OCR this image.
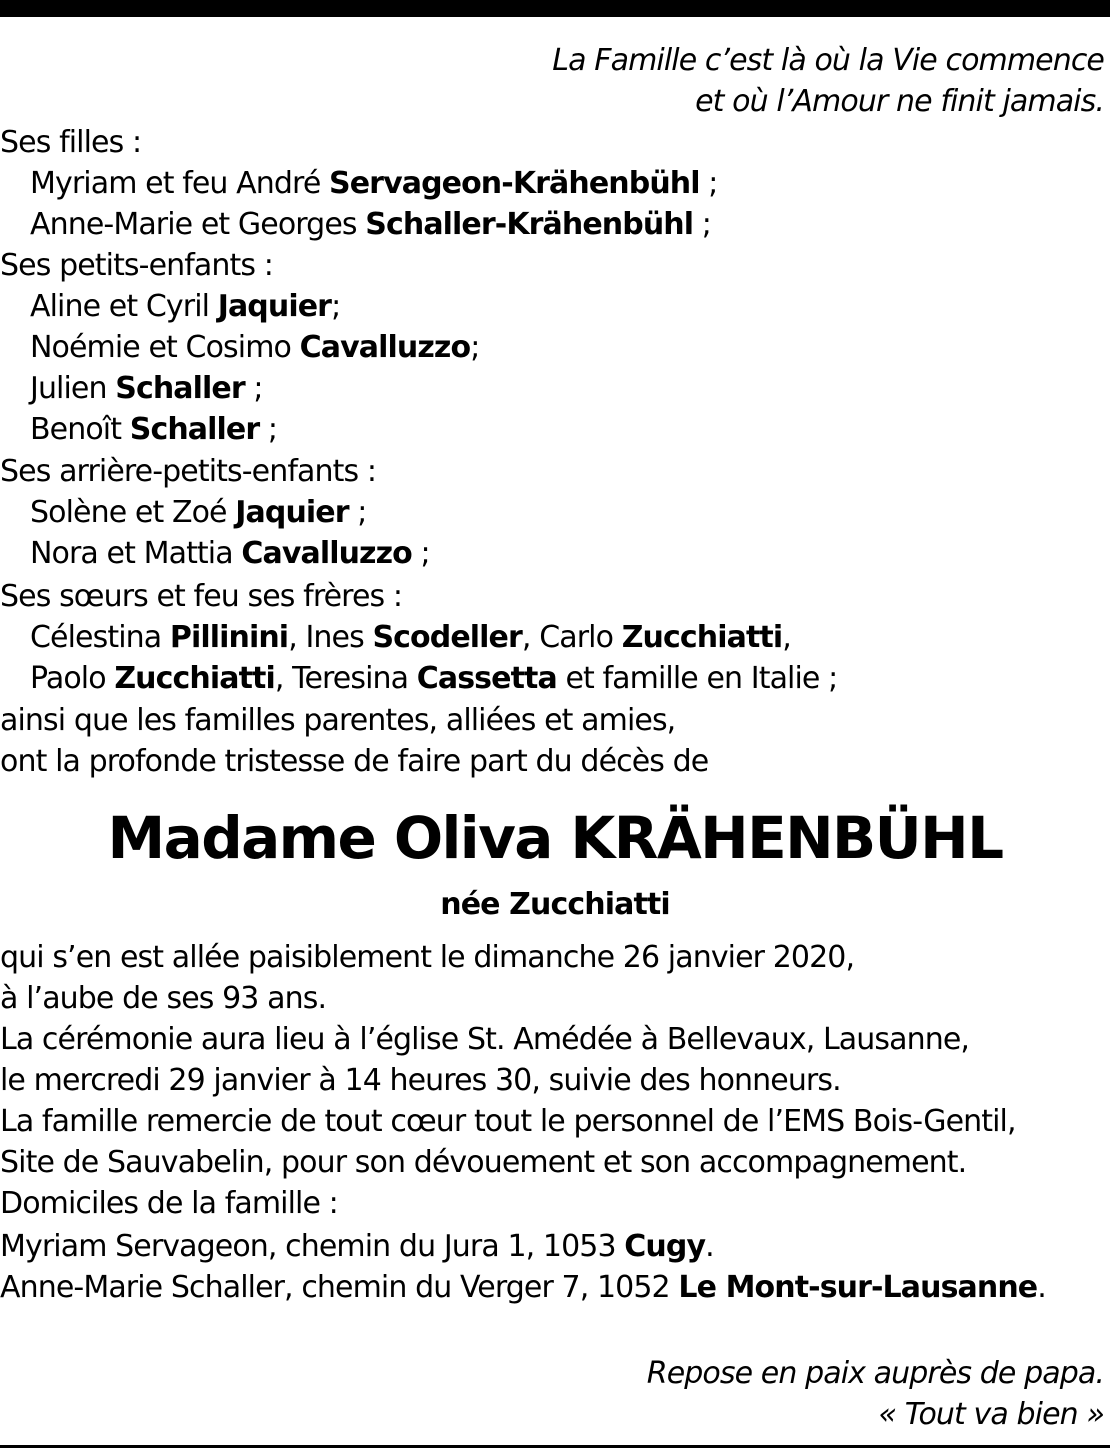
La Famille c’est là où la Vie commence
et où l’Amour ne finit jamais.
Ses filles :
Myriam et feu André Servageon-Krähenbühl ;
Anne-Marie et Georges Schaller-Krähenbühl ;
Ses petits-enfants :
Aline et Cyril Jaquier;
Noémie et Cosimo Cavalluzzo;
Julien Schaller ;
Benoît Schaller ;
Ses arrière-petits-enfants :
Solène et Zoé Jaquier ;
Nora et Mattia Cavalluzzo ;
Ses sœurs et feu ses frères :
Célestina Pillinini, Ines Scodeller, Carlo Zucchiatti,
Paolo Zucchiatti, Teresina Cassetta et famille en Italie ;
ainsi que les familles parentes, alliées et amies,
ont la profonde tristesse de faire part du décès de
Madame Oliva KRÄHENBÜHL
née Zucchiatti
qui s’en est allée paisiblement le dimanche 26 janvier 2020,
à l’aube de ses 93 ans.
La cérémonie aura lieu à l’église St. Amédée à Bellevaux, Lausanne,
le mercredi 29 janvier à 14 heures 30, suivie des honneurs.
La famille remercie de tout cœur tout le personnel de l’EMS Bois-Gentil,
Site de Sauvabelin, pour son dévouement et son accompagnement.
Domiciles de la famille :
Myriam Servageon, chemin du Jura 1, 1053 Cugy.
Anne-Marie Schaller, chemin du Verger 7, 1052 Le Mont-sur-Lausanne.
Repose en paix auprès de papa.
« Tout va bien »
